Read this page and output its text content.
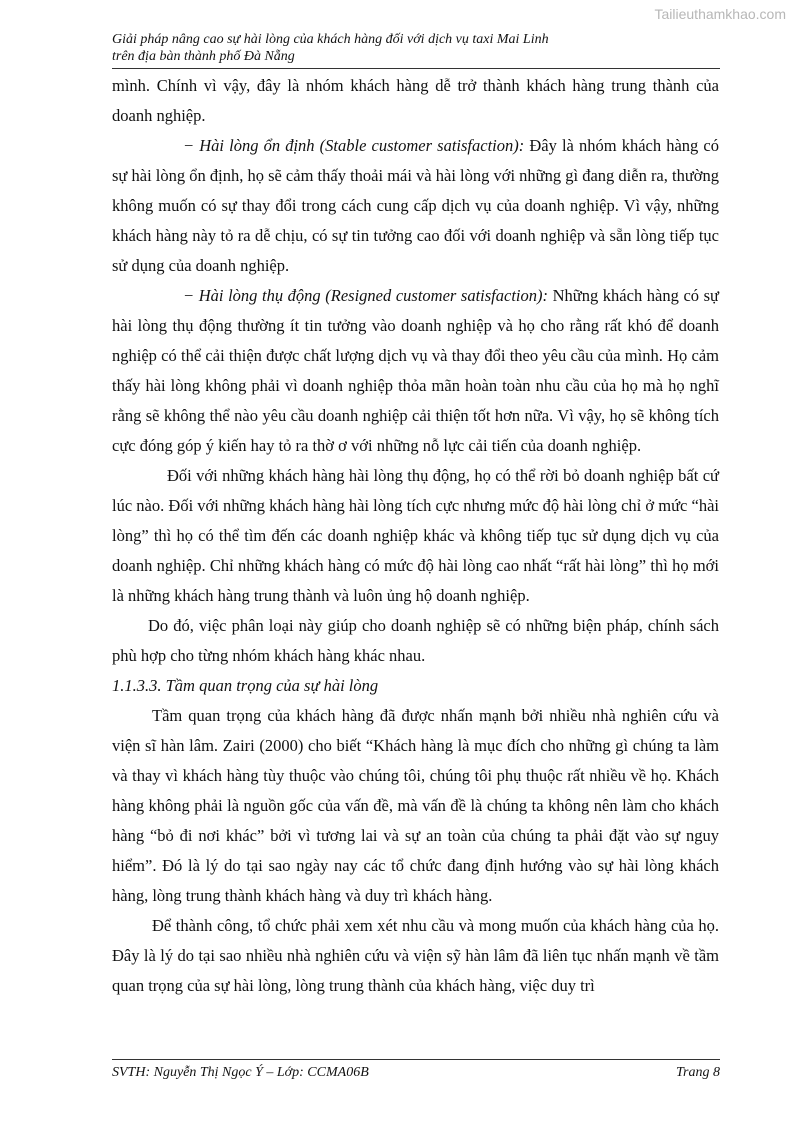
Tailieuthamkhao.com
Giải pháp nâng cao sự hài lòng của khách hàng đối với dịch vụ taxi Mai Linh
trên địa bàn thành phố Đà Nẵng

mình. Chính vì vậy, đây là nhóm khách hàng dễ trở thành khách hàng trung thành của doanh nghiệp.

− Hài lòng ổn định (Stable customer satisfaction): Đây là nhóm khách hàng có sự hài lòng ổn định, họ sẽ cảm thấy thoải mái và hài lòng với những gì đang diễn ra, thường không muốn có sự thay đổi trong cách cung cấp dịch vụ của doanh nghiệp. Vì vậy, những khách hàng này tỏ ra dễ chịu, có sự tin tưởng cao đối với doanh nghiệp và sẵn lòng tiếp tục sử dụng của doanh nghiệp.

− Hài lòng thụ động (Resigned customer satisfaction): Những khách hàng có sự hài lòng thụ động thường ít tin tưởng vào doanh nghiệp và họ cho rằng rất khó để doanh nghiệp có thể cải thiện được chất lượng dịch vụ và thay đổi theo yêu cầu của mình. Họ cảm thấy hài lòng không phải vì doanh nghiệp thỏa mãn hoàn toàn nhu cầu của họ mà họ nghĩ rằng sẽ không thể nào yêu cầu doanh nghiệp cải thiện tốt hơn nữa. Vì vậy, họ sẽ không tích cực đóng góp ý kiến hay tỏ ra thờ ơ với những nỗ lực cải tiến của doanh nghiệp.

Đối với những khách hàng hài lòng thụ động, họ có thể rời bỏ doanh nghiệp bất cứ lúc nào. Đối với những khách hàng hài lòng tích cực nhưng mức độ hài lòng chỉ ở mức “hài lòng” thì họ có thể tìm đến các doanh nghiệp khác và không tiếp tục sử dụng dịch vụ của doanh nghiệp. Chỉ những khách hàng có mức độ hài lòng cao nhất “rất hài lòng” thì họ mới là những khách hàng trung thành và luôn ủng hộ doanh nghiệp.

Do đó, việc phân loại này giúp cho doanh nghiệp sẽ có những biện pháp, chính sách phù hợp cho từng nhóm khách hàng khác nhau.

1.1.3.3. Tầm quan trọng của sự hài lòng

Tầm quan trọng của khách hàng đã được nhấn mạnh bởi nhiều nhà nghiên cứu và viện sĩ hàn lâm. Zairi (2000) cho biết “Khách hàng là mục đích cho những gì chúng ta làm và thay vì khách hàng tùy thuộc vào chúng tôi, chúng tôi phụ thuộc rất nhiều về họ. Khách hàng không phải là nguồn gốc của vấn đề, mà vấn đề là chúng ta không nên làm cho khách hàng “bỏ đi nơi khác” bởi vì tương lai và sự an toàn của chúng ta phải đặt vào sự nguy hiểm”. Đó là lý do tại sao ngày nay các tổ chức đang định hướng vào sự hài lòng khách hàng, lòng trung thành khách hàng và duy trì khách hàng.

Để thành công, tổ chức phải xem xét nhu cầu và mong muốn của khách hàng của họ. Đây là lý do tại sao nhiều nhà nghiên cứu và viện sỹ hàn lâm đã liên tục nhấn mạnh về tầm quan trọng của sự hài lòng, lòng trung thành của khách hàng, việc duy trì

SVTH: Nguyễn Thị Ngọc Ý – Lớp: CCMA06B	Trang 8
